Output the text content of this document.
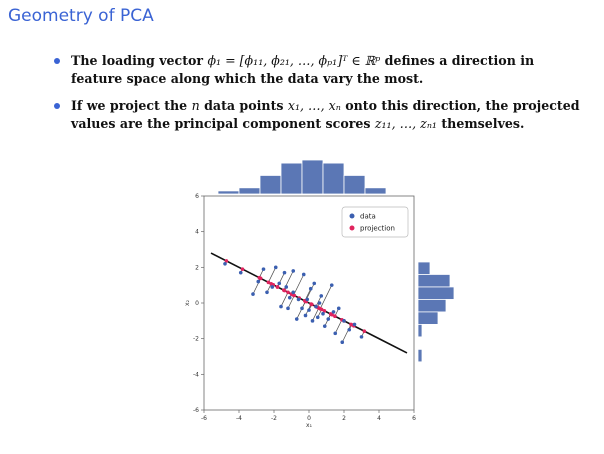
Geometry of PCA
The loading vector ϕ₁ = [ϕ₁₁, ϕ₂₁, …, ϕₚ₁]ᵀ ∈ ℝᵖ defines a direction in feature space along which the data vary the most.
If we project the n data points x₁, …, xₙ onto this direction, the projected values are the principal component scores z₁₁, …, zₙ₁ themselves.
-6	-4	-2	0	2	4	6
-6
-4
-2
0
2
4
6
x₁
x₂
data
projection
